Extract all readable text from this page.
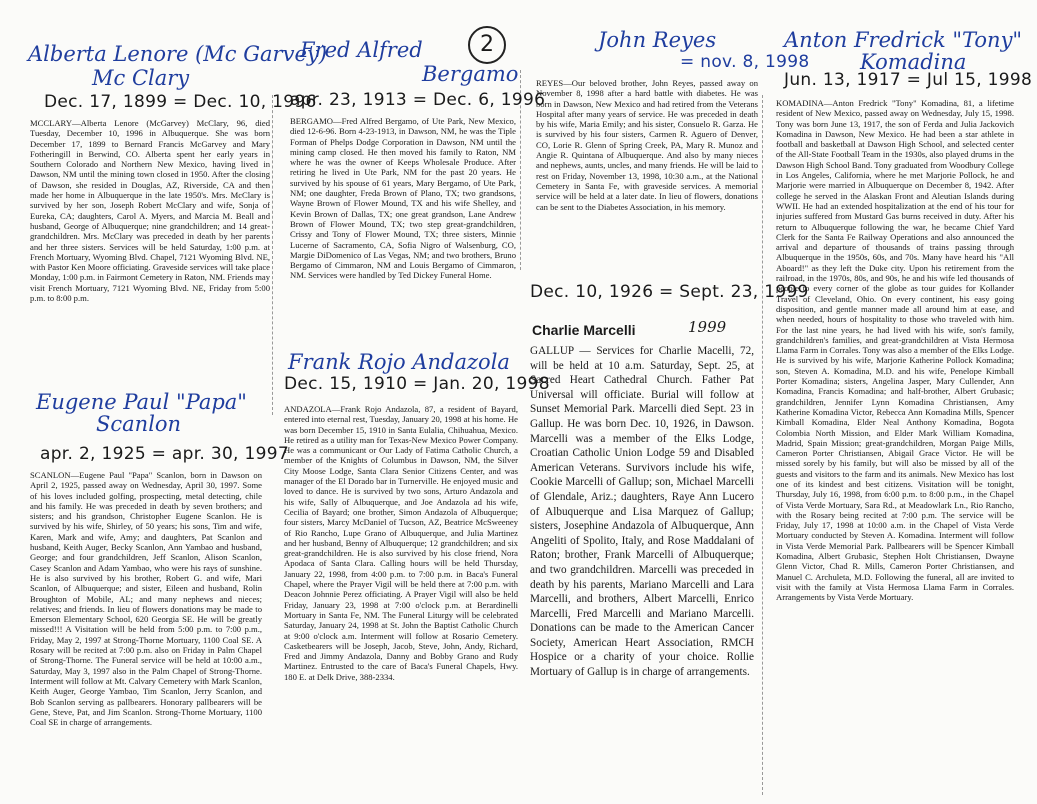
2
Alberta Lenore (Mc Garvey)
Mc Clary
Dec. 17, 1899 = Dec. 10, 1996
MCCLARY—Alberta Lenore (McGarvey) McClary, 96, died Tuesday, December 10, 1996 in Albuquerque. She was born December 17, 1899 to Bernard Francis McGarvey and Mary Fotheringill in Berwind, CO. Alberta spent her early years in Southern Colorado and Northern New Mexico, having lived in Dawson, NM until the mining town closed in 1950. After the closing of Dawson, she resided in Douglas, AZ, Riverside, CA and then made her home in Albuquerque in the late 1950's. Mrs. McClary is survived by her son, Joseph Robert McClary and wife, Sonja of Eureka, CA; daughters, Carol A. Myers, and Marcia M. Beall and husband, George of Albuquerque; nine grandchildren; and 14 great-grandchildren. Mrs. McClary was preceded in death by her parents and her three sisters. Services will be held Saturday, 1:00 p.m. at French Mortuary, Wyoming Blvd. Chapel, 7121 Wyoming Blvd. NE, with Pastor Ken Moore officiating. Graveside services will take place Monday, 1:00 p.m. in Fairmont Cemetery in Raton, NM. Friends may visit French Mortuary, 7121 Wyoming Blvd. NE, Friday from 5:00 p.m. to 8:00 p.m.
Fred Alfred
Bergamo
apr. 23, 1913 = Dec. 6, 1996
BERGAMO—Fred Alfred Bergamo, of Ute Park, New Mexico, died 12-6-96. Born 4-23-1913, in Dawson, NM, he was the Tiple Forman of Phelps Dodge Corporation in Dawson, NM until the mining camp closed. He then moved his family to Raton, NM where he was the owner of Keeps Wholesale Produce. After retiring he lived in Ute Park, NM for the past 20 years. He survived by his spouse of 61 years, Mary Bergamo, of Ute Park, NM; one daughter, Freda Brown of Plano, TX; two grandsons, Wayne Brown of Flower Mound, TX and his wife Shelley, and Kevin Brown of Dallas, TX; one great grandson, Lane Andrew Brown of Flower Mound, TX; two step great-grandchildren, Crissy and Tony of Flower Mound, TX; three sisters, Minnie Lucerne of Sacramento, CA, Sofia Nigro of Walsenburg, CO, Margie DiDomenico of Las Vegas, NM; and two brothers, Bruno Bergamo of Cimmaron, NM and Louis Bergamo of Cimmaron, NM. Services were handled by Ted Dickey Funeral Home.
John Reyes
= nov. 8, 1998
REYES—Our beloved brother, John Reyes, passed away on November 8, 1998 after a hard battle with diabetes. He was born in Dawson, New Mexico and had retired from the Veterans Hospital after many years of service. He was preceded in death by his wife, Maria Emily; and his sister, Consuelo R. Garza. He is survived by his four sisters, Carmen R. Aguero of Denver, CO, Lorie R. Glenn of Spring Creek, PA, Mary R. Munoz and Angie R. Quintana of Albuquerque. And also by many nieces and nephews, aunts, uncles, and many friends. He will be laid to rest on Friday, November 13, 1998, 10:30 a.m., at the National Cemetery in Santa Fe, with graveside services. A memorial service will be held at a later date. In lieu of flowers, donations can be sent to the Diabetes Association, in his memory.
Anton Fredrick "Tony"
Komadina
Jun. 13, 1917 = Jul 15, 1998
KOMADINA—Anton Fredrick "Tony" Komadina, 81, a lifetime resident of New Mexico, passed away on Wednesday, July 15, 1998. Tony was born June 13, 1917, the son of Ferda and Julia Jackovich Komadina in Dawson, New Mexico. He had been a star athlete in football and basketball at Dawson High School, and selected center of the All-State Football Team in the 1930s, also played drums in the Dawson High School Band. Tony graduated from Woodbury College in Los Angeles, California, where he met Marjorie Pollock, he and Marjorie were married in Albuquerque on December 8, 1942. After college he served in the Alaskan Front and Aleutian Islands during WWII. He had an extended hospitalization at the end of his tour for injuries suffered from Mustard Gas burns received in duty. After his return to Albuquerque following the war, he became Chief Yard Clerk for the Santa Fe Railway Operations and also announced the arrival and departure of thousands of trains passing through Albuquerque in the 1950s, 60s, and 70s. Many have heard his "All Aboard!" as they left the Duke city. Upon his retirement from the railroad, in the 1970s, 80s, and 90s, he and his wife led thousands of people to every corner of the globe as tour guides for Kollander Travel of Cleveland, Ohio. On every continent, his easy going disposition, and gentle manner made all around him at ease, and when needed, hours of hospitality to those who traveled with him. For the last nine years, he had lived with his wife, son's family, grandchildren's families, and great-grandchildren at Vista Hermosa Llama Farm in Corrales. Tony was also a member of the Elks Lodge. He is survived by his wife, Marjorie Katherine Pollock Komadina; son, Steven A. Komadina, M.D. and his wife, Penelope Kimball Porter Komadina; sisters, Angelina Jasper, Mary Cullender, Ann Komadina, Francis Komadina; and half-brother, Albert Grubasic; grandchildren, Jennifer Lynn Komadina Christiansen, Amy Katherine Komadina Victor, Rebecca Ann Komadina Mills, Spencer Kimball Komadina, Elder Neal Anthony Komadina, Bogota Colombia North Mission, and Elder Mark William Komadina, Madrid, Spain Mission; great-grandchildren, Morgan Paige Mills, Cameron Porter Christiansen, Abigail Grace Victor. He will be missed sorely by his family, but will also be missed by all of the guests and visitors to the farm and its animals. New Mexico has lost one of its kindest and best citizens. Visitation will be tonight, Thursday, July 16, 1998, from 6:00 p.m. to 8:00 p.m., in the Chapel of Vista Verde Mortuary, Sara Rd., at Meadowlark Ln., Rio Rancho, with the Rosary being recited at 7:00 p.m. The service will be Friday, July 17, 1998 at 10:00 a.m. in the Chapel of Vista Verde Mortuary conducted by Steven A. Komadina. Interment will follow in Vista Verde Memorial Park. Pallbearers will be Spencer Kimball Komadina, Albert Grubasic, Stephen Holt Christiansen, Dwayne Glenn Victor, Chad R. Mills, Cameron Porter Christiansen, and Manuel C. Archuleta, M.D. Following the funeral, all are invited to visit with the family at Vista Hermosa Llama Farm in Corrales. Arrangements by Vista Verde Mortuary.
Eugene Paul "Papa"
Scanlon
apr. 2, 1925 = apr. 30, 1997
SCANLON—Eugene Paul "Papa" Scanlon, born in Dawson on April 2, 1925, passed away on Wednesday, April 30, 1997. Some of his loves included golfing, prospecting, metal detecting, chile and his family. He was preceded in death by seven brothers; and sisters; and his grandson, Christopher Eugene Scanlon. He is survived by his wife, Shirley, of 50 years; his sons, Tim and wife, Karen, Mark and wife, Amy; and daughters, Pat Scanlon and husband, Keith Auger, Becky Scanlon, Ann Yambao and husband, George; and four grandchildren, Jeff Scanlon, Alison Scanlon, Casey Scanlon and Adam Yambao, who were his rays of sunshine. He is also survived by his brother, Robert G. and wife, Mari Scanlon, of Albuquerque; and sister, Eileen and husband, Rolin Broughton of Mobile, AL; and many nephews and nieces; relatives; and friends. In lieu of flowers donations may be made to Emerson Elementary School, 620 Georgia SE. He will be greatly missed!!! A Visitation will be held from 5:00 p.m. to 7:00 p.m., Friday, May 2, 1997 at Strong-Thorne Mortuary, 1100 Coal SE. A Rosary will be recited at 7:00 p.m. also on Friday in Palm Chapel of Strong-Thorne. The Funeral service will be held at 10:00 a.m., Saturday, May 3, 1997 also in the Palm Chapel of Strong-Thorne. Interment will follow at Mt. Calvary Cemetery with Mark Scanlon, Keith Auger, George Yambao, Tim Scanlon, Jerry Scanlon, and Bob Scanlon serving as pallbearers. Honorary pallbearers will be Gene, Steve, Pat, and Jim Scanlon. Strong-Thorne Mortuary, 1100 Coal SE in charge of arrangements.
Frank Rojo Andazola
Dec. 15, 1910 = Jan. 20, 1998
ANDAZOLA—Frank Rojo Andazola, 87, a resident of Bayard, entered into eternal rest, Tuesday, January 20, 1998 at his home. He was born December 15, 1910 in Santa Eulalia, Chihuahua, Mexico. He retired as a utility man for Texas-New Mexico Power Company. He was a communicant or Our Lady of Fatima Catholic Church, a member of the Knights of Columbus in Dawson, NM, the Silver City Moose Lodge, Santa Clara Senior Citizens Center, and was manager of the El Dorado bar in Turnerville. He enjoyed music and loved to dance. He is survived by two sons, Arturo Andazola and his wife, Sally of Albuquerque, and Joe Andazola ad his wife, Cecilia of Bayard; one brother, Simon Andazola of Albuquerque; four sisters, Marcy McDaniel of Tucson, AZ, Beatrice McSweeney of Rio Rancho, Lupe Grano of Albuquerque, and Julia Martinez and her husband, Benny of Albuquerque; 12 grandchildren; and six great-grandchildren. He is also survived by his close friend, Nora Apodaca of Santa Clara. Calling hours will be held Thursday, January 22, 1998, from 4:00 p.m. to 7:00 p.m. in Baca's Funeral Chapel, where the Prayer Vigil will be held there at 7:00 p.m. with Deacon Johnnie Perez officiating. A Prayer Vigil will also be held Friday, January 23, 1998 at 7:00 o'clock p.m. at Berardinelli Mortuary in Santa Fe, NM. The Funeral Liturgy will be celebrated Saturday, January 24, 1998 at St. John the Baptist Catholic Church at 9:00 o'clock a.m. Interment will follow at Rosario Cemetery. Casketbearers will be Joseph, Jacob, Steve, John, Andy, Richard, Fred and Jimmy Andazola, Danny and Bobby Grano and Rudy Martinez. Entrusted to the care of Baca's Funeral Chapels, Hwy. 180 E. at Delk Drive, 388-2334.
Dec. 10, 1926 = Sept. 23, 1999
Charlie Marcelli	1999
GALLUP — Services for Charlie Macelli, 72, will be held at 10 a.m. Saturday, Sept. 25, at Sacred Heart Cathedral Church. Father Pat Universal will officiate. Burial will follow at Sunset Memorial Park. Marcelli died Sept. 23 in Gallup. He was born Dec. 10, 1926, in Dawson. Marcelli was a member of the Elks Lodge, Croatian Catholic Union Lodge 59 and Disabled American Veterans. Survivors include his wife, Cookie Marcelli of Gallup; son, Michael Marcelli of Glendale, Ariz.; daughters, Raye Ann Lucero of Albuquerque and Lisa Marquez of Gallup; sisters, Josephine Andazola of Albuquerque, Ann Angeliti of Spolito, Italy, and Rose Maddalani of Raton; brother, Frank Marcelli of Albuquerque; and two grandchildren. Marcelli was preceded in death by his parents, Mariano Marcelli and Lara Marcelli, and brothers, Albert Marcelli, Enrico Marcelli, Fred Marcelli and Mariano Marcelli. Donations can be made to the American Cancer Society, American Heart Association, RMCH Hospice or a charity of your choice. Rollie Mortuary of Gallup is in charge of arrangements.
